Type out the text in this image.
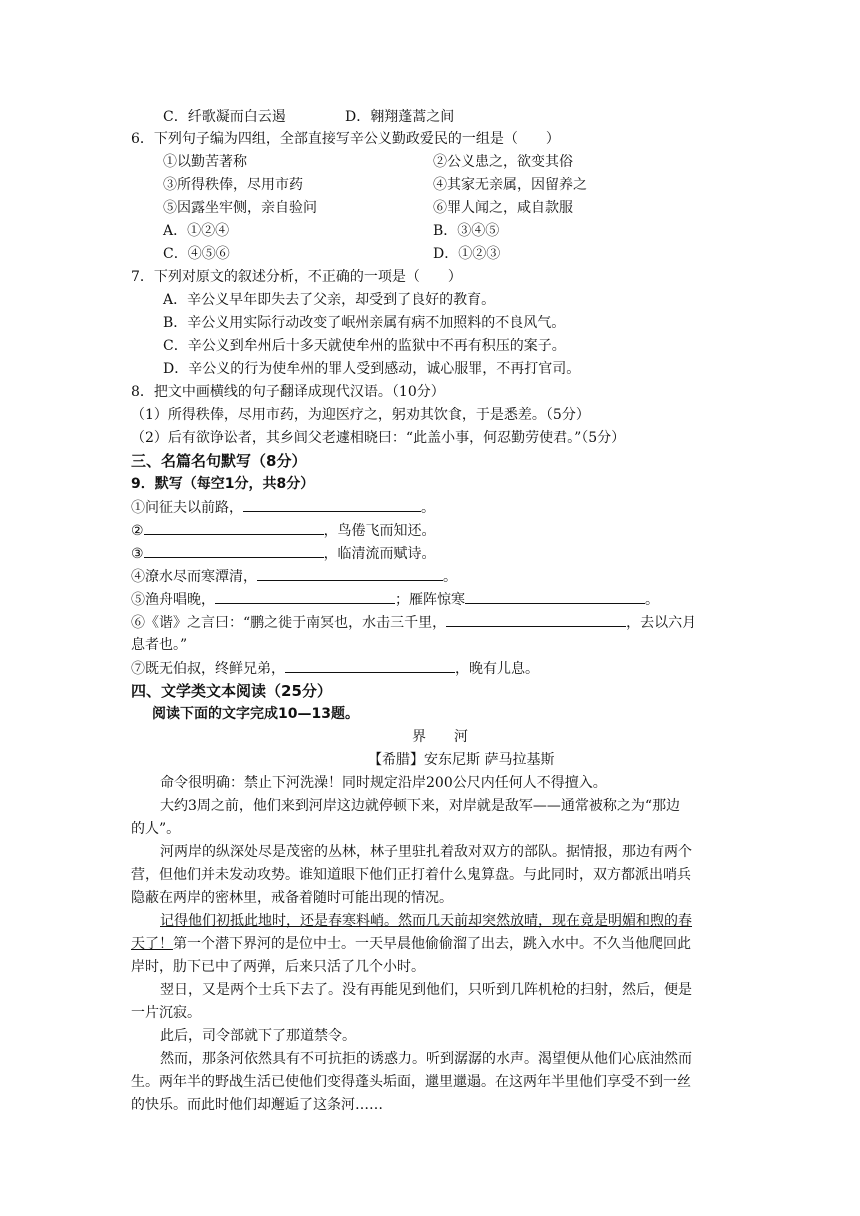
C．纤歌凝而白云遏	D．翱翔蓬蒿之间
6．下列句子编为四组，全部直接写辛公义勤政爱民的一组是（　　）
①以勤苦著称	②公义患之，欲变其俗
③所得秩俸，尽用市药	④其家无亲属，因留养之
⑤因露坐牢侧，亲自验问	⑥罪人闻之，咸自款服
A．①②④	B．③④⑤
C．④⑤⑥	D．①②③
7．下列对原文的叙述分析，不正确的一项是（　　）
A．辛公义早年即失去了父亲，却受到了良好的教育。
B．辛公义用实际行动改变了岷州亲属有病不加照料的不良风气。
C．辛公义到牟州后十多天就使牟州的监狱中不再有积压的案子。
D．辛公义的行为使牟州的罪人受到感动，诚心服罪，不再打官司。
8．把文中画横线的句子翻译成现代汉语。（10分）
（1）所得秩俸，尽用市药，为迎医疗之，躬劝其饮食，于是悉差。（5分）
（2）后有欲诤讼者，其乡闾父老遽相晓曰：“此盖小事，何忍勤劳使君。”（5分）
三、名篇名句默写（8分）
9．默写（每空1分，共8分）
①问征夫以前路，	。
②	，鸟倦飞而知还。
③	，临清流而赋诗。
④潦水尽而寒潭清，	。
⑤渔舟唱晚，	；雁阵惊寒	。
⑥《谐》之言曰：“鹏之徙于南冥也，水击三千里，	，去以六月
息者也。”
⑦既无伯叔，终鲜兄弟，	，晚有儿息。
四、文学类文本阅读（25分）
阅读下面的文字完成10—13题。
界　　河
【希腊】安东尼斯 萨马拉基斯
命令很明确：禁止下河洗澡！同时规定沿岸200公尺内任何人不得擅入。
大约3周之前，他们来到河岸这边就停顿下来，对岸就是敌军——通常被称之为“那边
的人”。
河两岸的纵深处尽是茂密的丛林，林子里驻扎着敌对双方的部队。据情报，那边有两个
营，但他们并未发动攻势。谁知道眼下他们正打着什么鬼算盘。与此同时，双方都派出哨兵
隐蔽在两岸的密林里，戒备着随时可能出现的情况。
记得他们初抵此地时，还是春寒料峭。然而几天前却突然放晴，现在竟是明媚和煦的春
天了！第一个潜下界河的是位中士。一天早晨他偷偷溜了出去，跳入水中。不久当他爬回此
岸时，肋下已中了两弹，后来只活了几个小时。
翌日，又是两个士兵下去了。没有再能见到他们，只听到几阵机枪的扫射，然后，便是
一片沉寂。
此后，司令部就下了那道禁令。
然而，那条河依然具有不可抗拒的诱惑力。听到潺潺的水声。渴望便从他们心底油然而
生。两年半的野战生活已使他们变得蓬头垢面，邋里邋遢。在这两年半里他们享受不到一丝
的快乐。而此时他们却邂逅了这条河……
